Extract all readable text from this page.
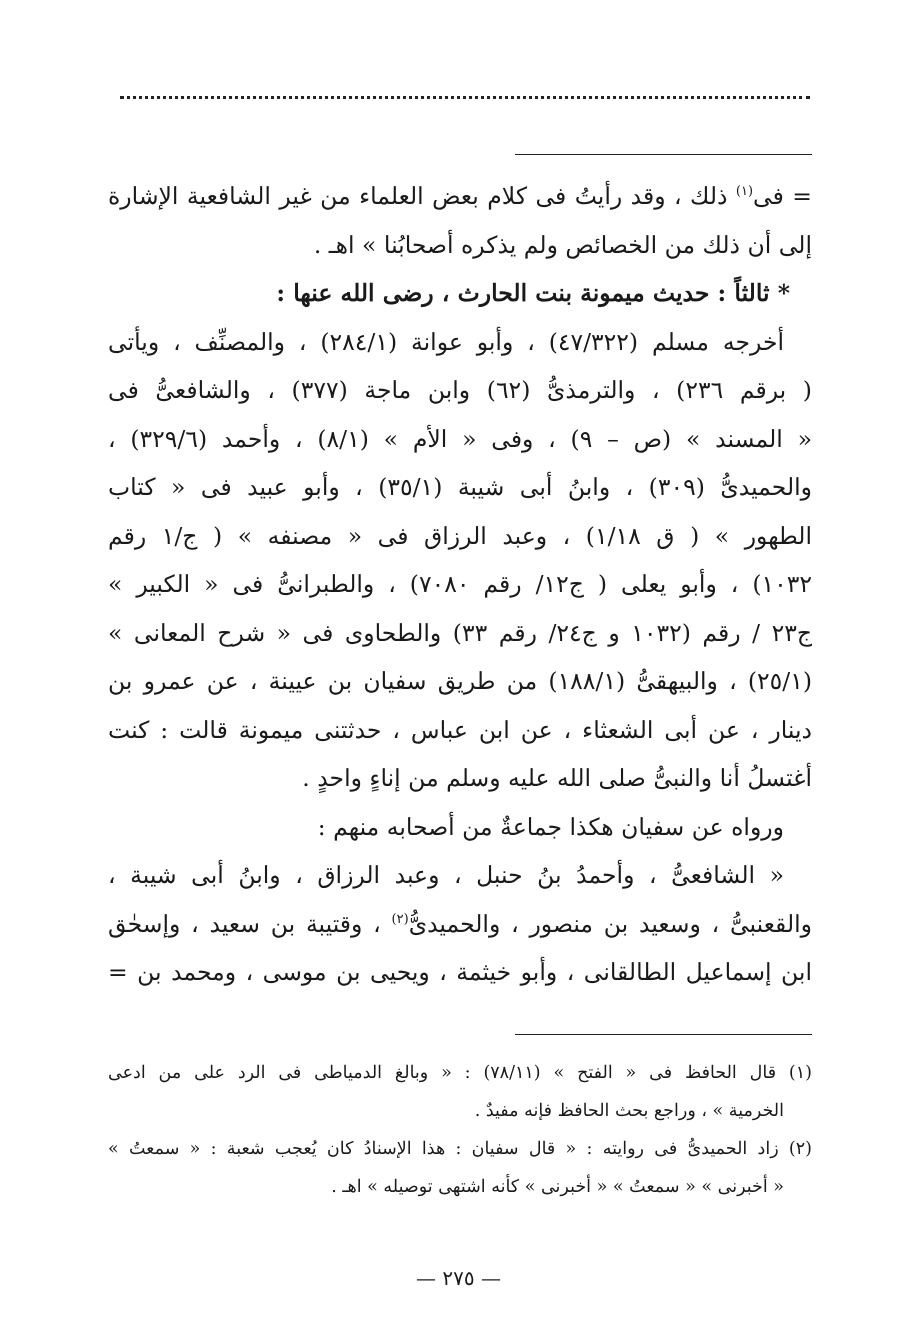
= فى$^{(١)}$ ذلك ، وقد رأيتُ فى كلام بعض العلماء من غير الشافعية الإشارة
إلى أن ذلك من الخصائص ولم يذكره أصحابُنا » اهـ .
* ثالثاً : حديث ميمونة بنت الحارث ، رضى الله عنها :
أخرجه مسلم (٤٧/٣٢٢) ، وأبو عوانة (٢٨٤/١) ، والمصنِّف ، ويأتى
( برقم ٢٣٦) ، والترمذىُّ (٦٢) وابن ماجة (٣٧٧) ، والشافعىُّ فى
« المسند » (ص – ٩) ، وفى « الأم » (٨/١) ، وأحمد (٣٢٩/٦) ،
والحميدىُّ (٣٠٩) ، وابنُ أبى شيبة (٣٥/١) ، وأبو عبيد فى « كتاب
الطهور » ( ق ١/١٨) ، وعبد الرزاق فى « مصنفه » ( ج/١ رقم
١٠٣٢) ، وأبو يعلى ( ج١٢/ رقم ٧٠٨٠) ، والطبرانىُّ فى « الكبير »
ج٢٣ / رقم (١٠٣٢ و ج٢٤/ رقم ٣٣) والطحاوى فى « شرح المعانى »
(٢٥/١) ، والبيهقىُّ (١٨٨/١) من طريق سفيان بن عيينة ، عن عمرو بن
دينار ، عن أبى الشعثاء ، عن ابن عباس ، حدثتنى ميمونة قالت : كنت
أغتسلُ أنا والنبىُّ صلى الله عليه وسلم من إناءٍ واحدٍ .
ورواه عن سفيان هكذا جماعةٌ من أصحابه منهم :
« الشافعىُّ ، وأحمدُ بنُ حنبل ، وعبد الرزاق ، وابنُ أبى شيبة ،
والقعنبىُّ ، وسعيد بن منصور ، والحميدىُّ$^{(٢)}$ ، وقتيبة بن سعيد ، وإسحٰق
ابن إسماعيل الطالقانى ، وأبو خيثمة ، ويحيى بن موسى ، ومحمد بن =
(١) قال الحافظ فى « الفتح » (٧٨/١١) : « وبالغ الدمياطى فى الرد على من ادعى
الخرمية » ، وراجع بحث الحافظ فإنه مفيدٌ .
(٢) زاد الحميدىُّ فى روايته : « قال سفيان : هذا الإسنادُ كان يُعجب شعبة : « سمعتُ »
« أخبرنى » « سمعتُ » « أخبرنى » كأنه اشتهى توصيله » اهـ .
— ٢٧٥ —
